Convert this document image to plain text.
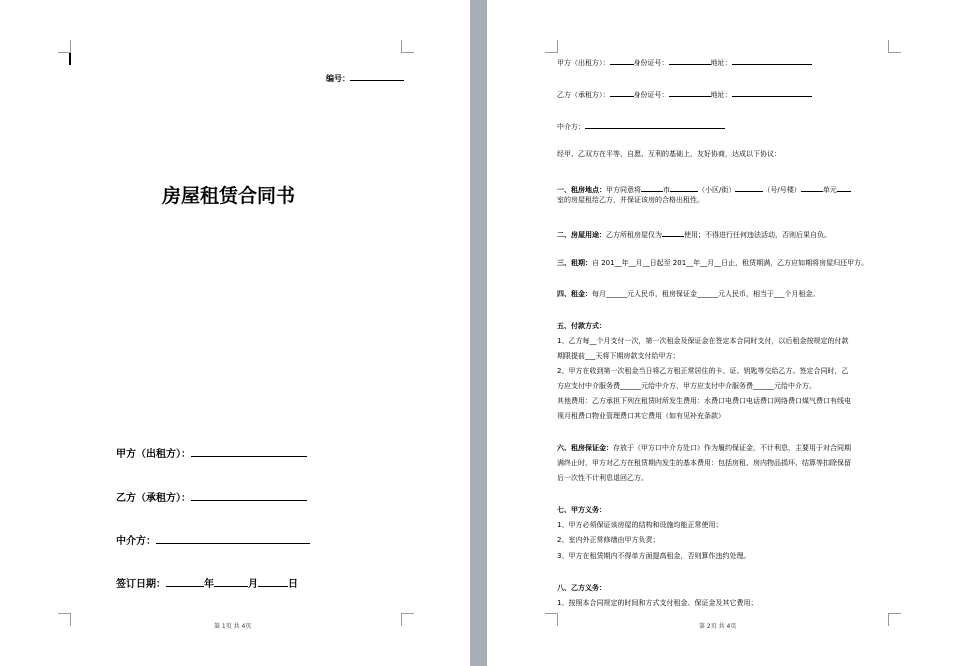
编号：
房屋租赁合同书
甲方（出租方）：
乙方（承租方）：
中介方：
签订日期：	年	月	日
第 1页 共 4页
甲方（出租方）：	身份证号：	地址：
乙方（承租方）：	身份证号：	地址：
中介方：
经甲、乙双方在平等、自愿、互利的基础上，友好协商，达成以下协议：
一、租房地点：甲方同意将	市	（小区/街）	（号/号楼）	单元
室的房屋租给乙方，并保证该房的合格出租性。
二、房屋用途：乙方所租房屋仅为	使用；不得进行任何违法活动，否则后果自负。
三、租期：自 201__年__月__日起至 201__年__月__日止，租赁期满，乙方应如期将房屋归还甲方。
四、租金：每月______元人民币，租房保证金______元人民币，相当于___个月租金。
五、付款方式：
1、乙方每__个月支付一次，第一次租金及保证金在签定本合同时支付，以后租金按规定的付款
期限提前___天将下期房款支付给甲方；
2、甲方在收到第一次租金当日将乙方租正常居住的卡、证、钥匙等交给乙方。签定合同时，乙
方应支付中介服务费______元给中介方，甲方应支付中介服务费______元给中介方。
其他费用：乙方承担下列在租赁时所发生费用：水费口电费口电话费口网络费口煤气费口有线电
视月租费口物业管理费口其它费用（如有见补充条款）
六、租房保证金：存放于（甲方口中介方处口）作为履约保证金，不计利息，主要用于对合同期
满终止时，甲方对乙方在租赁期内发生的基本费用：包括房租、房内物品损坏、结算等扣除保留
后一次性不计利息退回乙方。
七、甲方义务：
1、甲方必须保证该房屋的结构和设施均能正常使用；
2、室内外正常修缮由甲方负责；
3、甲方在租赁期内不得单方面提高租金，否则算作违约处理。
八、乙方义务：
1、按照本合同规定的时间和方式支付租金、保证金及其它费用；
第 2页 共 4页
